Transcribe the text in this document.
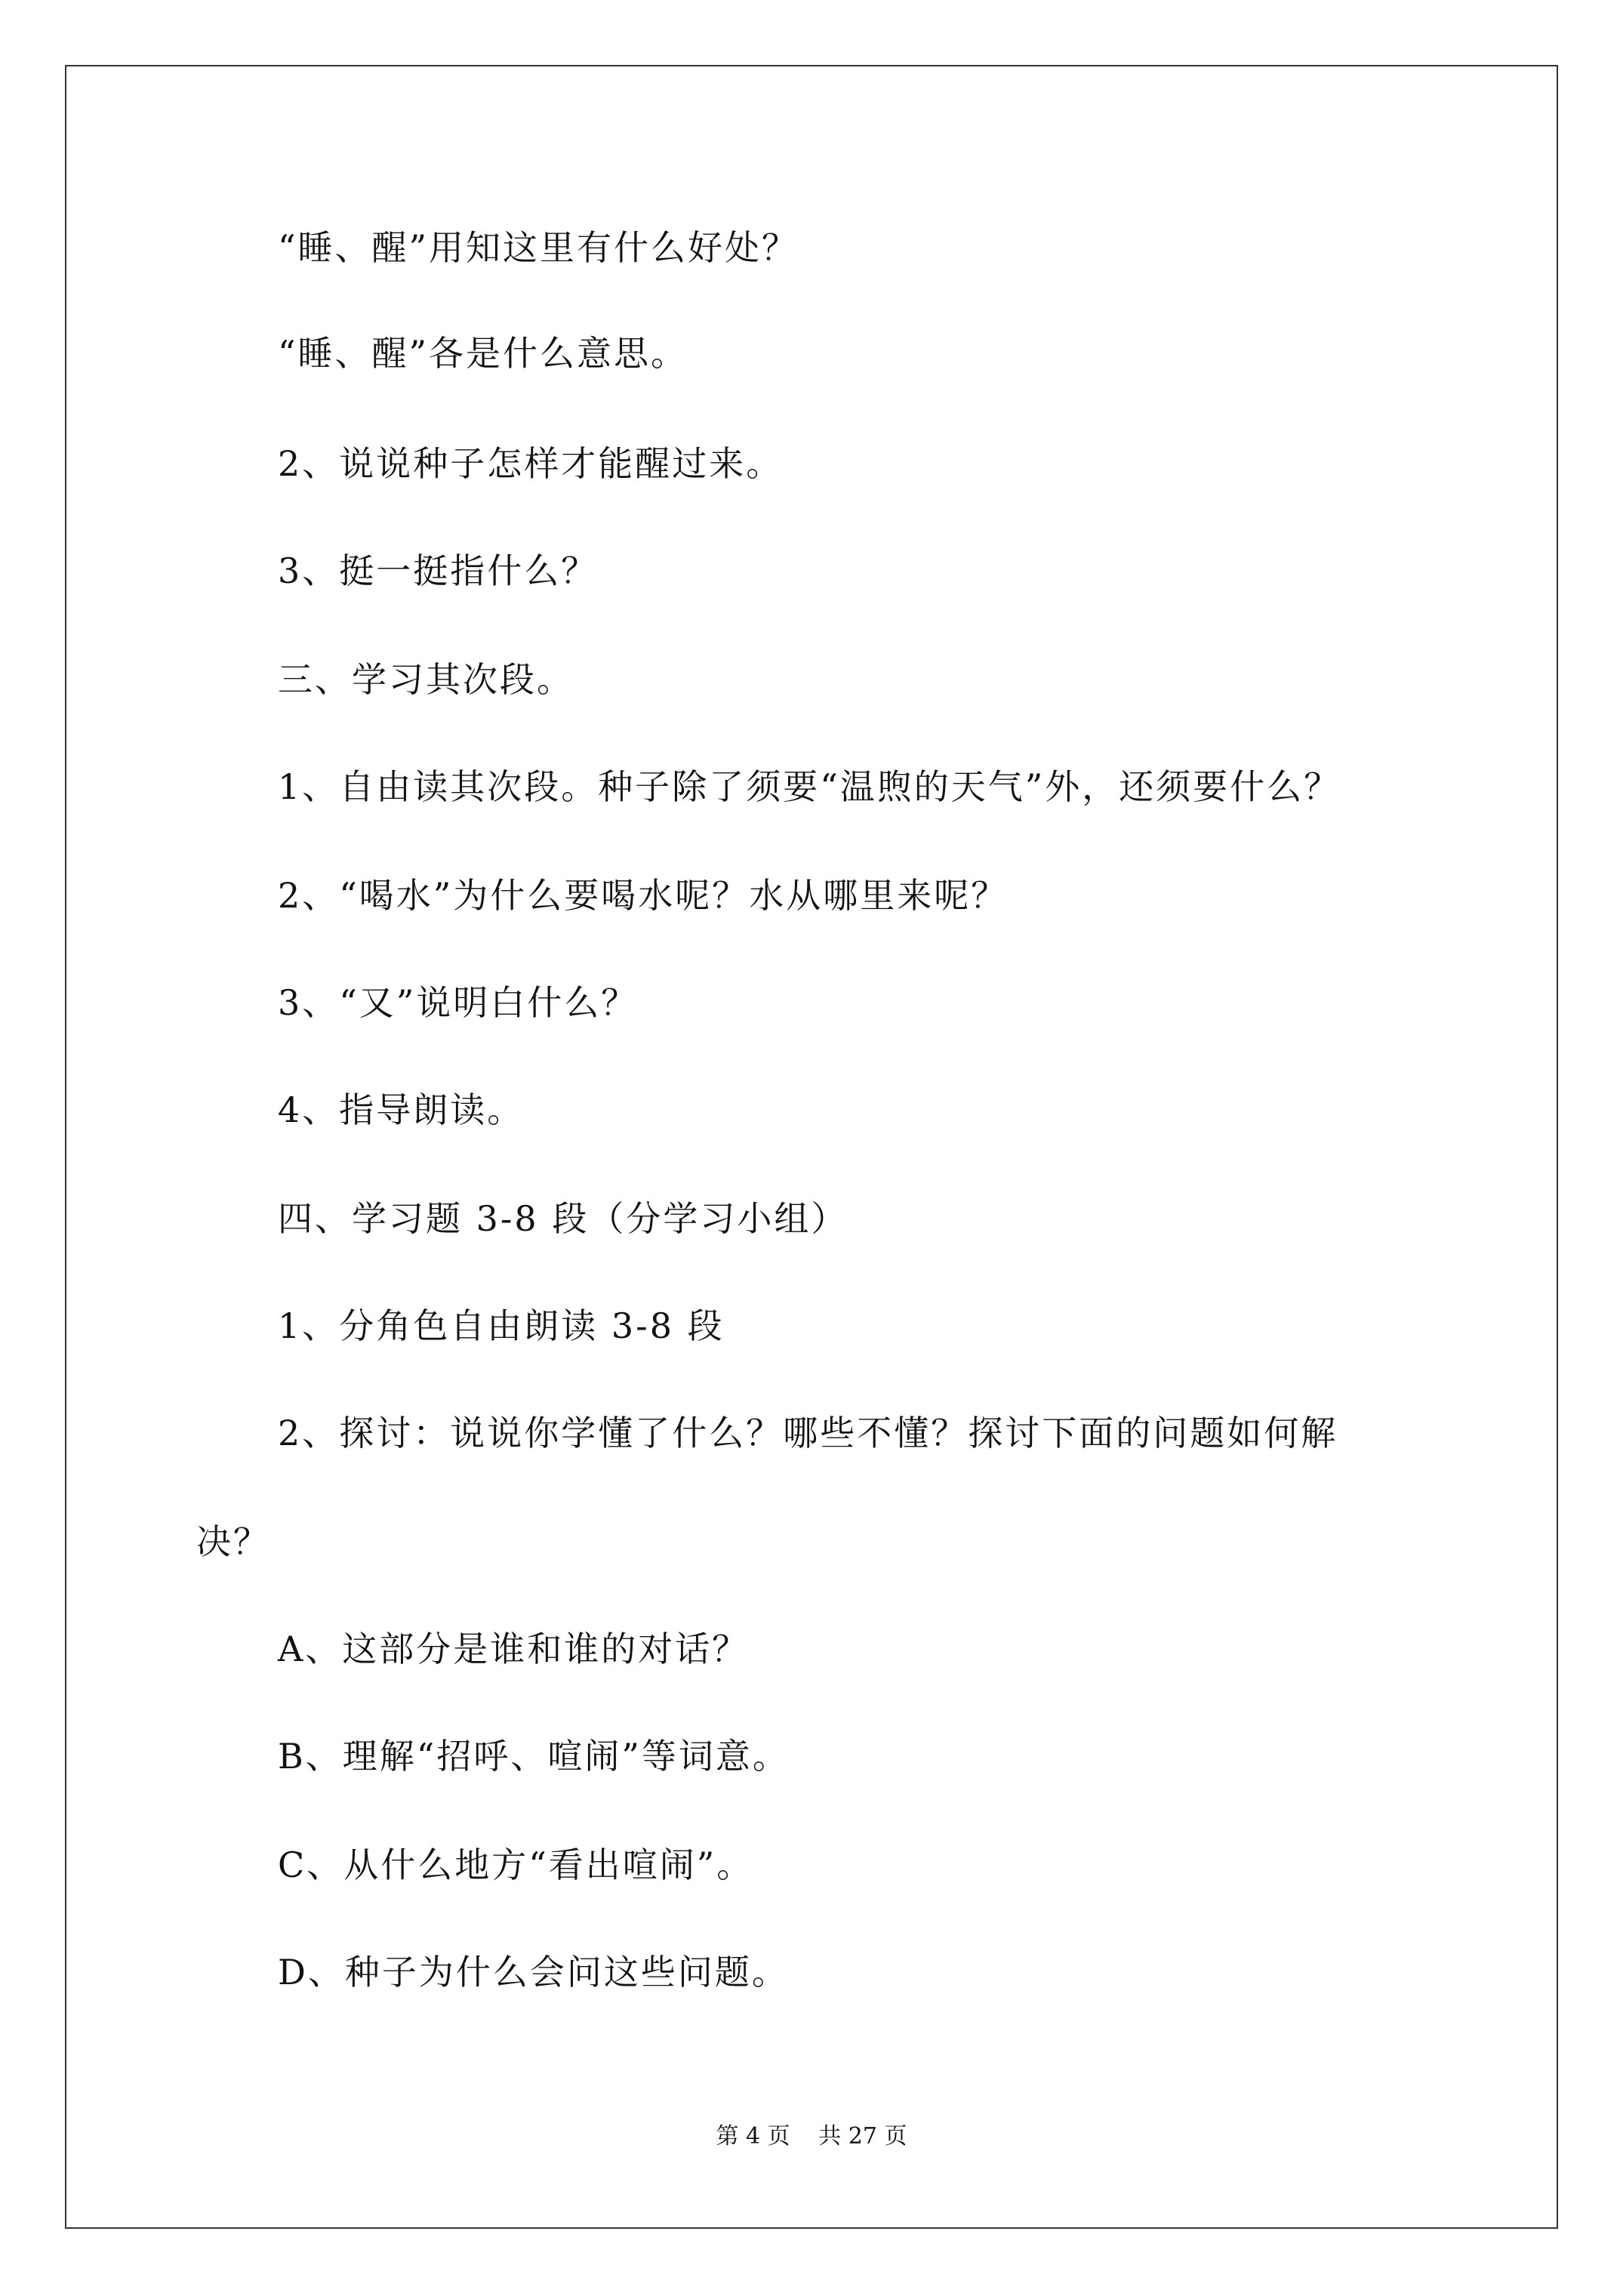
“睡、醒”用知这里有什么好处？
“睡、醒”各是什么意思。
2、说说种子怎样才能醒过来。
3、挺一挺指什么？
三、学习其次段。
1、自由读其次段。种子除了须要“温煦的天气”外，还须要什么？
2、“喝水”为什么要喝水呢？水从哪里来呢？
3、“又”说明白什么？
4、指导朗读。
四、学习题 3-8 段（分学习小组）
1、分角色自由朗读 3-8 段
2、探讨：说说你学懂了什么？哪些不懂？探讨下面的问题如何解
决？
A、这部分是谁和谁的对话？
B、理解“招呼、喧闹”等词意。
C、从什么地方“看出喧闹”。
D、种子为什么会问这些问题。
第 4 页 共 27 页
